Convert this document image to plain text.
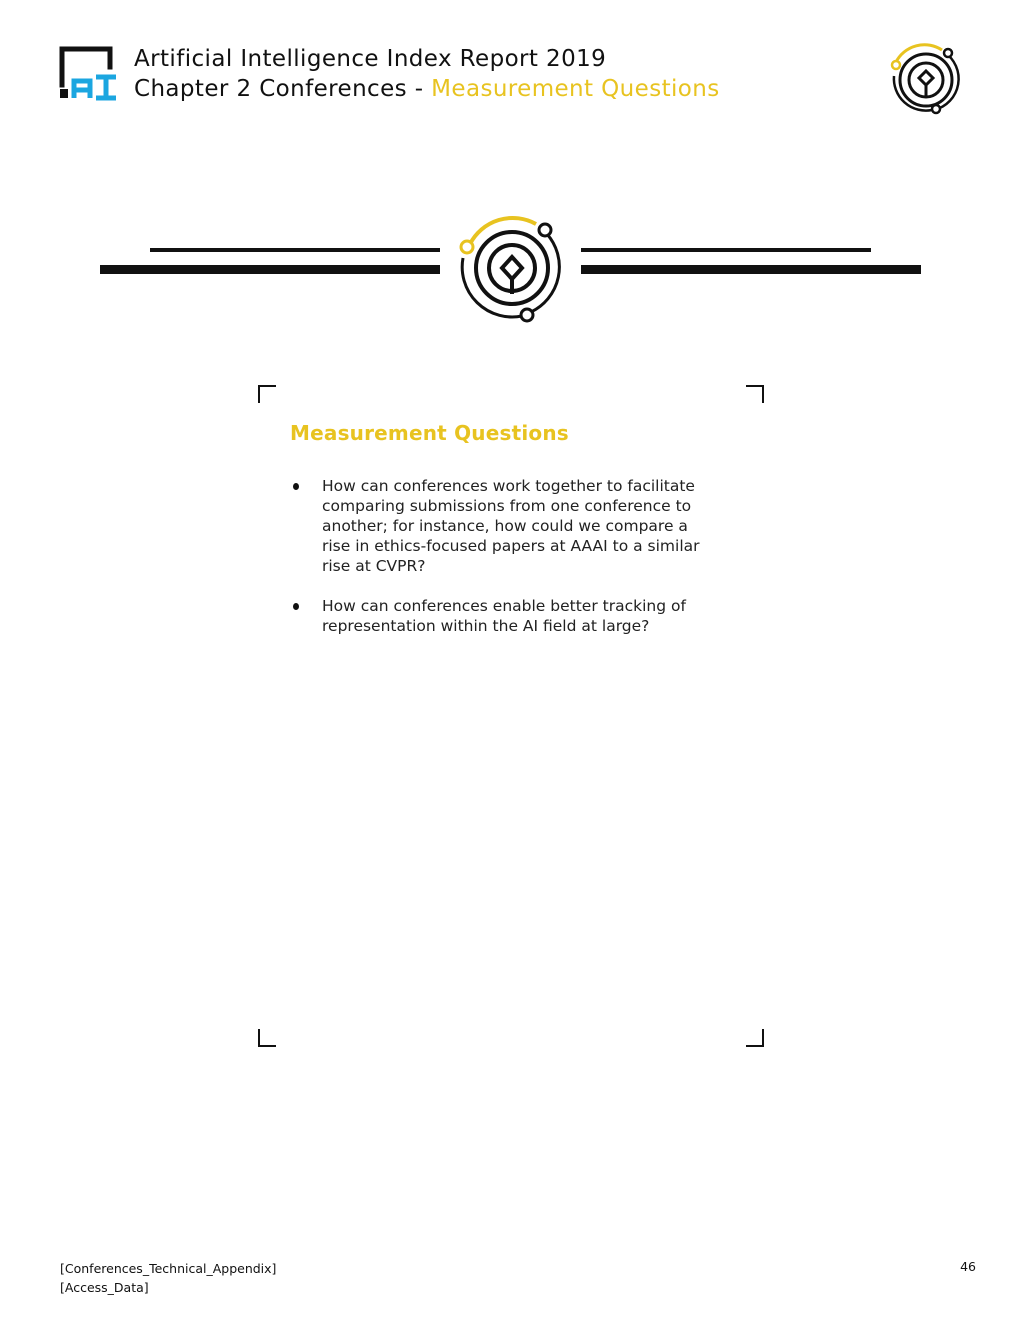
AI
Artificial Intelligence Index Report 2019
Chapter 2 Conferences - Measurement Questions
Measurement Questions
How can conferences work together to facilitate comparing submissions from one conference to another; for instance, how could we compare a rise in ethics-focused papers at AAAI to a similar rise at CVPR?
How can conferences enable better tracking of representation within the AI field at large?
[Conferences_Technical_Appendix]
[Access_Data]
46
